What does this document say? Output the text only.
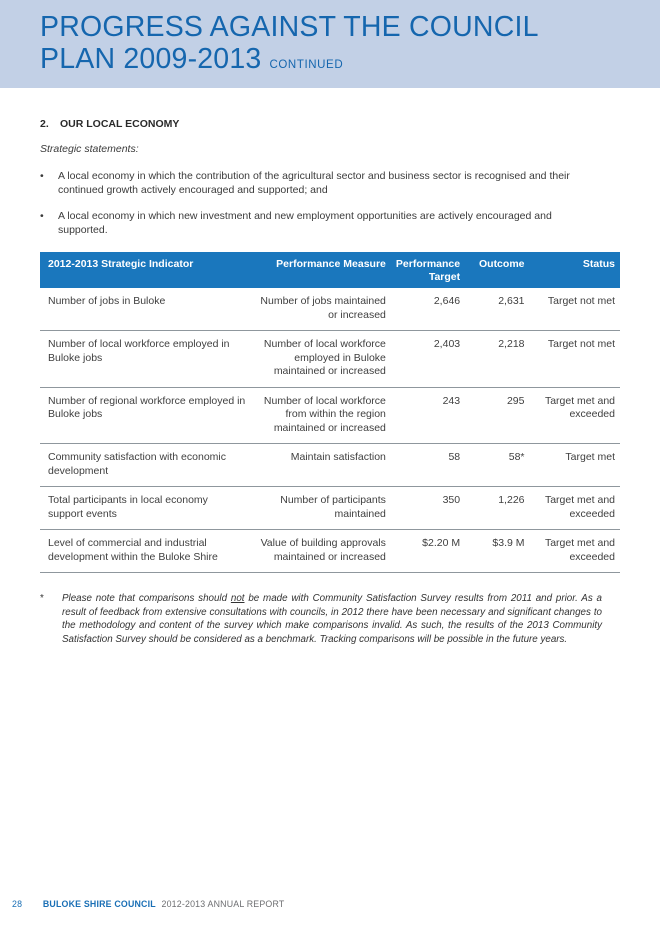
PROGRESS AGAINST THE COUNCIL
PLAN 2009-2013 CONTINUED
2.	OUR LOCAL ECONOMY

Strategic statements:

•	A local economy in which the contribution of the agricultural sector and business sector is recognised and their continued growth actively encouraged and supported; and
•	A local economy in which new investment and new employment opportunities are actively encouraged and supported.
2012-2013 Strategic Indicator	Performance Measure	Performance Target	Outcome	Status
Number of jobs in Buloke	Number of jobs maintained or increased	2,646	2,631	Target not met
Number of local workforce employed in Buloke jobs	Number of local workforce employed in Buloke maintained or increased	2,403	2,218	Target not met
Number of regional workforce employed in Buloke jobs	Number of local workforce from within the region maintained or increased	243	295	Target met and exceeded
Community satisfaction with economic development	Maintain satisfaction	58	58*	Target met
Total participants in local economy support events	Number of participants maintained	350	1,226	Target met and exceeded
Level of commercial and industrial development within the Buloke Shire	Value of building approvals maintained or increased	$2.20 M	$3.9 M	Target met and exceeded
*	Please note that comparisons should not be made with Community Satisfaction Survey results from 2011 and prior. As a result of feedback from extensive consultations with councils, in 2012 there have been necessary and significant changes to the methodology and content of the survey which make comparisons invalid. As such, the results of the 2013 Community Satisfaction Survey should be considered as a benchmark. Tracking comparisons will be possible in the future years.

28 BULOKE SHIRE COUNCIL 2012-2013 ANNUAL REPORT
